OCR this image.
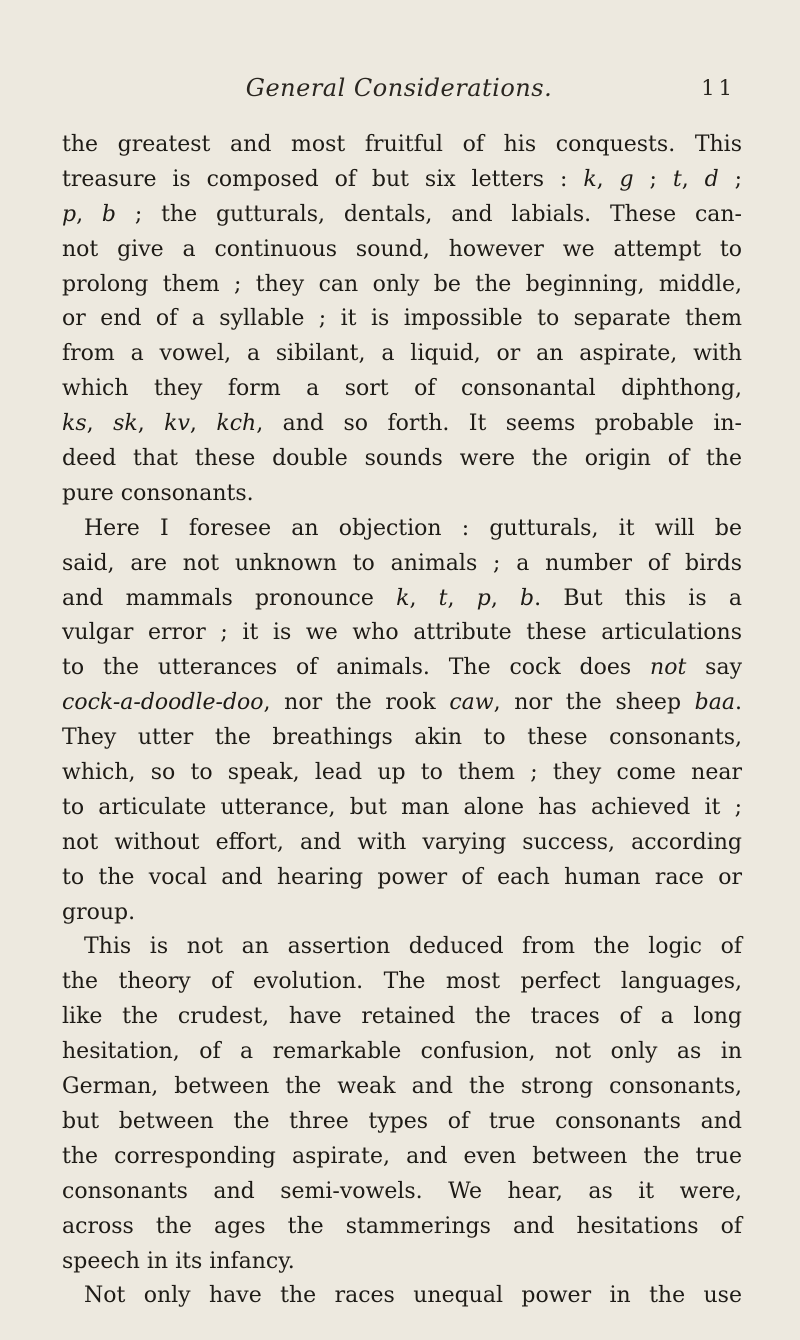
General Considerations.	11
the greatest and most fruitful of his conquests. This
treasure is composed of but six letters : k, g ; t, d ;
p, b ; the gutturals, dentals, and labials. These can-
not give a continuous sound, however we attempt to
prolong them ; they can only be the beginning, middle,
or end of a syllable ; it is impossible to separate them
from a vowel, a sibilant, a liquid, or an aspirate, with
which they form a sort of consonantal diphthong,
ks, sk, kv, kch, and so forth. It seems probable in-
deed that these double sounds were the origin of the
pure consonants.
Here I foresee an objection : gutturals, it will be
said, are not unknown to animals ; a number of birds
and mammals pronounce k, t, p, b. But this is a
vulgar error ; it is we who attribute these articulations
to the utterances of animals. The cock does not say
cock-a-doodle-doo, nor the rook caw, nor the sheep baa.
They utter the breathings akin to these consonants,
which, so to speak, lead up to them ; they come near
to articulate utterance, but man alone has achieved it ;
not without effort, and with varying success, according
to the vocal and hearing power of each human race or
group.
This is not an assertion deduced from the logic of
the theory of evolution. The most perfect languages,
like the crudest, have retained the traces of a long
hesitation, of a remarkable confusion, not only as in
German, between the weak and the strong consonants,
but between the three types of true consonants and
the corresponding aspirate, and even between the true
consonants and semi-vowels. We hear, as it were,
across the ages the stammerings and hesitations of
speech in its infancy.
Not only have the races unequal power in the use
